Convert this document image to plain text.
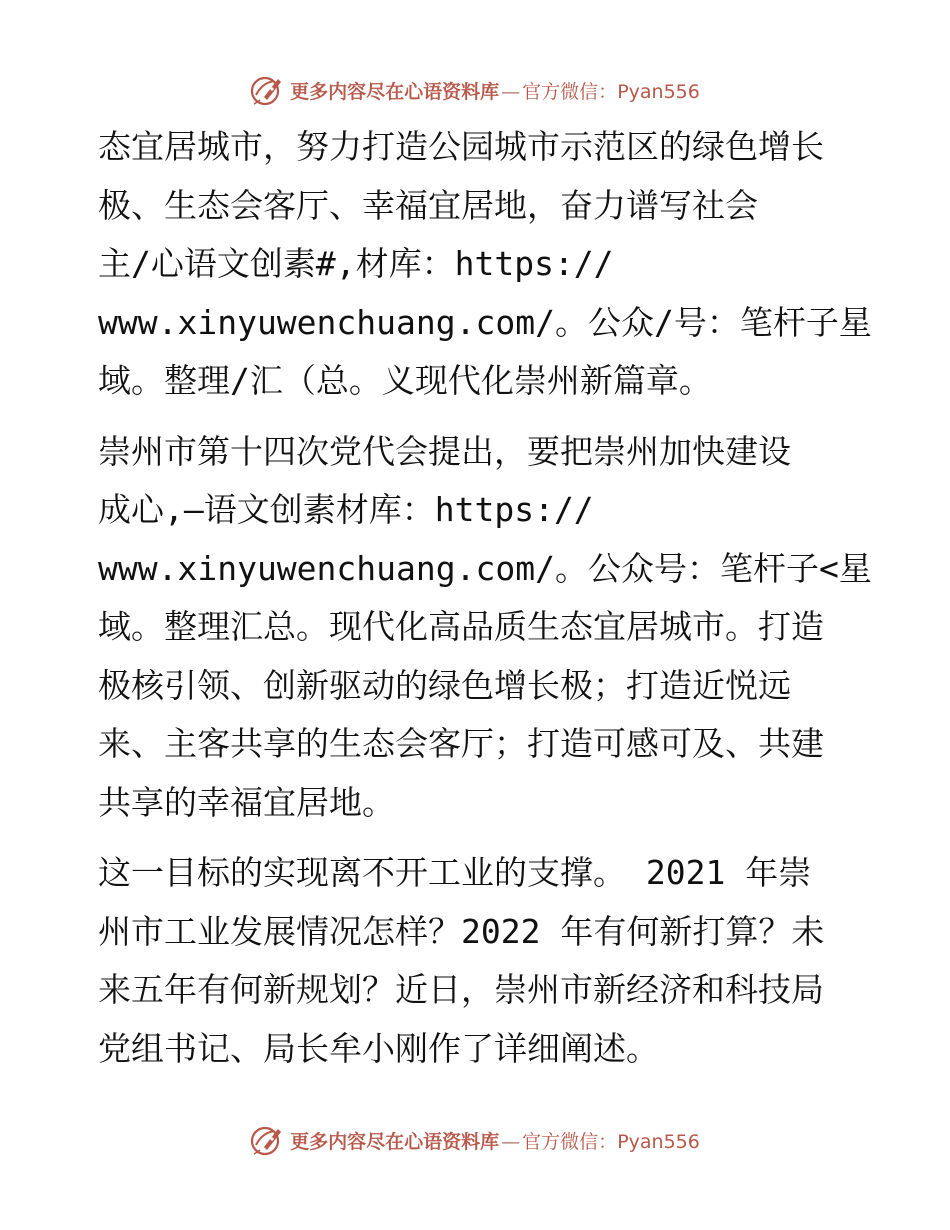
更多内容尽在心语资料库 — 官方微信：Pyan556
态宜居城市，努力打造公园城市示范区的绿色增长
极、生态会客厅、幸福宜居地，奋力谱写社会
主/心语文创素#,材库：https://
www.xinyuwenchuang.com/。公众/号：笔杆子星
域。整理/汇（总。义现代化崇州新篇章。
崇州市第十四次党代会提出，要把崇州加快建设
成心,—语文创素材库：https://
www.xinyuwenchuang.com/。公众号：笔杆子<星
域。整理汇总。现代化高品质生态宜居城市。打造
极核引领、创新驱动的绿色增长极；打造近悦远
来、主客共享的生态会客厅；打造可感可及、共建
共享的幸福宜居地。
这一目标的实现离不开工业的支撑。 2021 年崇
州市工业发展情况怎样？2022 年有何新打算？未
来五年有何新规划？近日，崇州市新经济和科技局
党组书记、局长牟小刚作了详细阐述。
更多内容尽在心语资料库 — 官方微信：Pyan556
